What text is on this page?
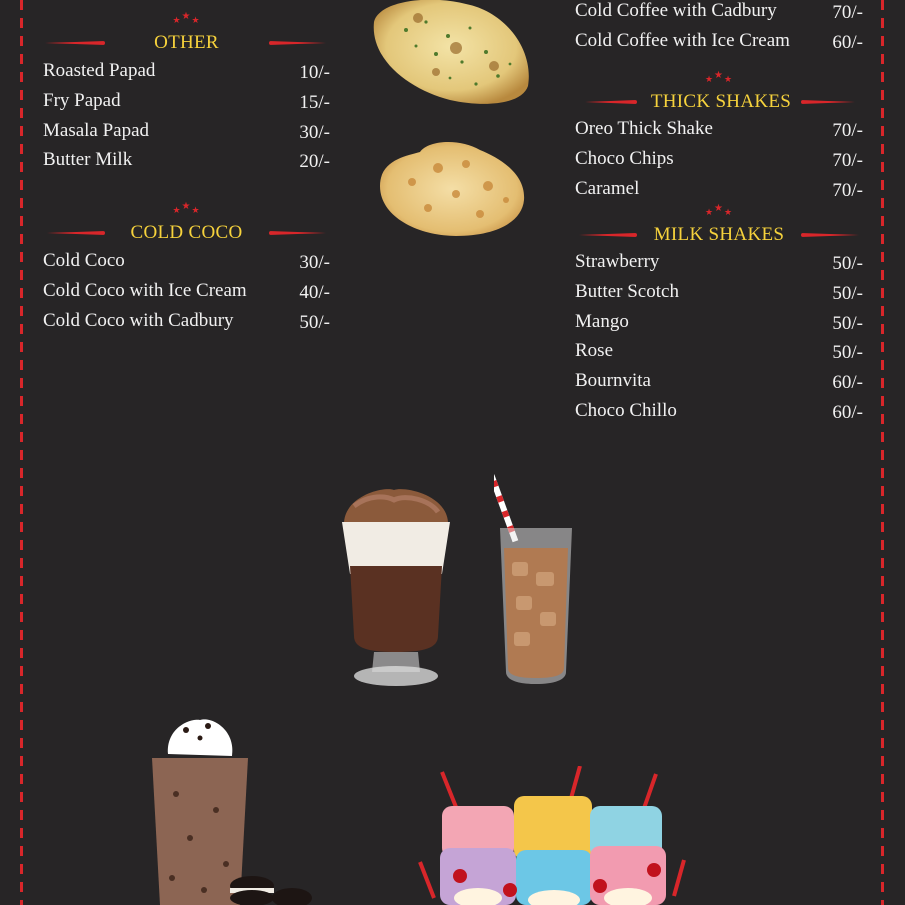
★★★
OTHER
Roasted Papad	10/-
Fry Papad	15/-
Masala Papad	30/-
Butter Milk	20/-
★★★
COLD COCO
Cold Coco	30/-
Cold Coco with Ice Cream	40/-
Cold Coco with Cadbury	50/-
Cold Coffee with Cadbury	70/-
Cold Coffee with Ice Cream 60/-
★★★
THICK SHAKES
Oreo Thick Shake	70/-
Choco Chips	70/-
Caramel	70/-
★★★
MILK SHAKES
Strawberry	50/-
Butter Scotch	50/-
Mango	50/-
Rose	50/-
Bournvita	60/-
Choco Chillo	60/-
